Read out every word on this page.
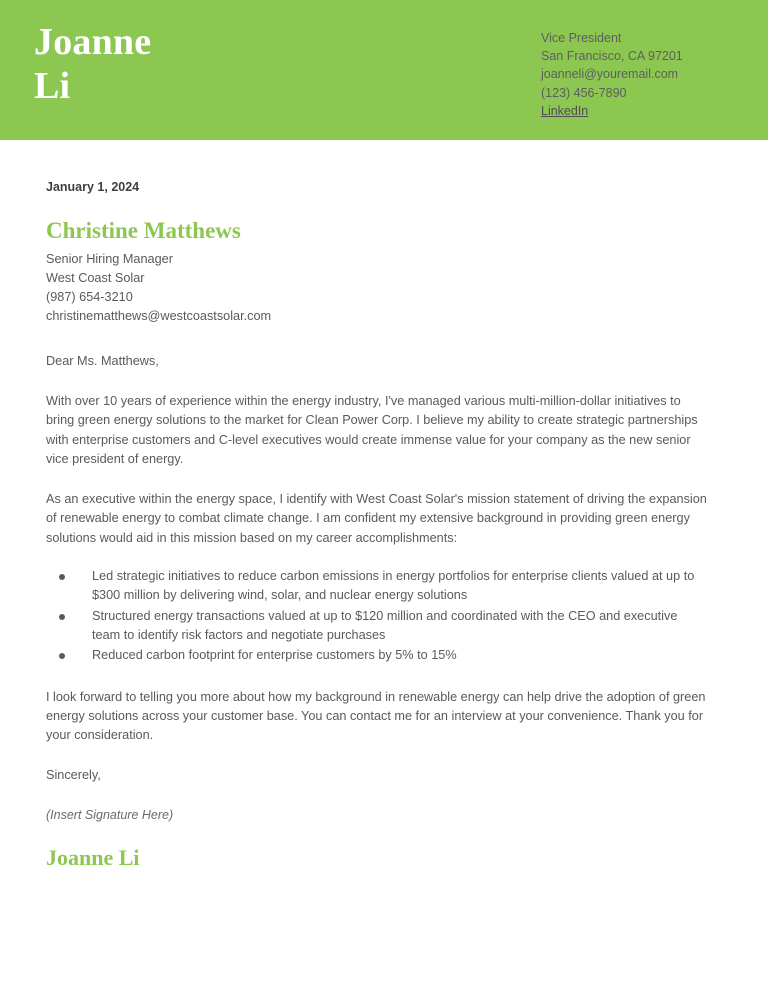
Joanne
Li
Vice President
San Francisco, CA 97201
joanneli@youremail.com
(123) 456-7890
LinkedIn
January 1, 2024
Christine Matthews
Senior Hiring Manager
West Coast Solar
(987) 654-3210
christinematthews@westcoastsolar.com
Dear Ms. Matthews,

With over 10 years of experience within the energy industry, I've managed various multi-million-dollar initiatives to bring green energy solutions to the market for Clean Power Corp. I believe my ability to create strategic partnerships with enterprise customers and C-level executives would create immense value for your company as the new senior vice president of energy.

As an executive within the energy space, I identify with West Coast Solar's mission statement of driving the expansion of renewable energy to combat climate change. I am confident my extensive background in providing green energy solutions would aid in this mission based on my career accomplishments:

Led strategic initiatives to reduce carbon emissions in energy portfolios for enterprise clients valued at up to $300 million by delivering wind, solar, and nuclear energy solutions
Structured energy transactions valued at up to $120 million and coordinated with the CEO and executive team to identify risk factors and negotiate purchases
Reduced carbon footprint for enterprise customers by 5% to 15%

I look forward to telling you more about how my background in renewable energy can help drive the adoption of green energy solutions across your customer base. You can contact me for an interview at your convenience. Thank you for your consideration.

Sincerely,
(Insert Signature Here)
Joanne Li
